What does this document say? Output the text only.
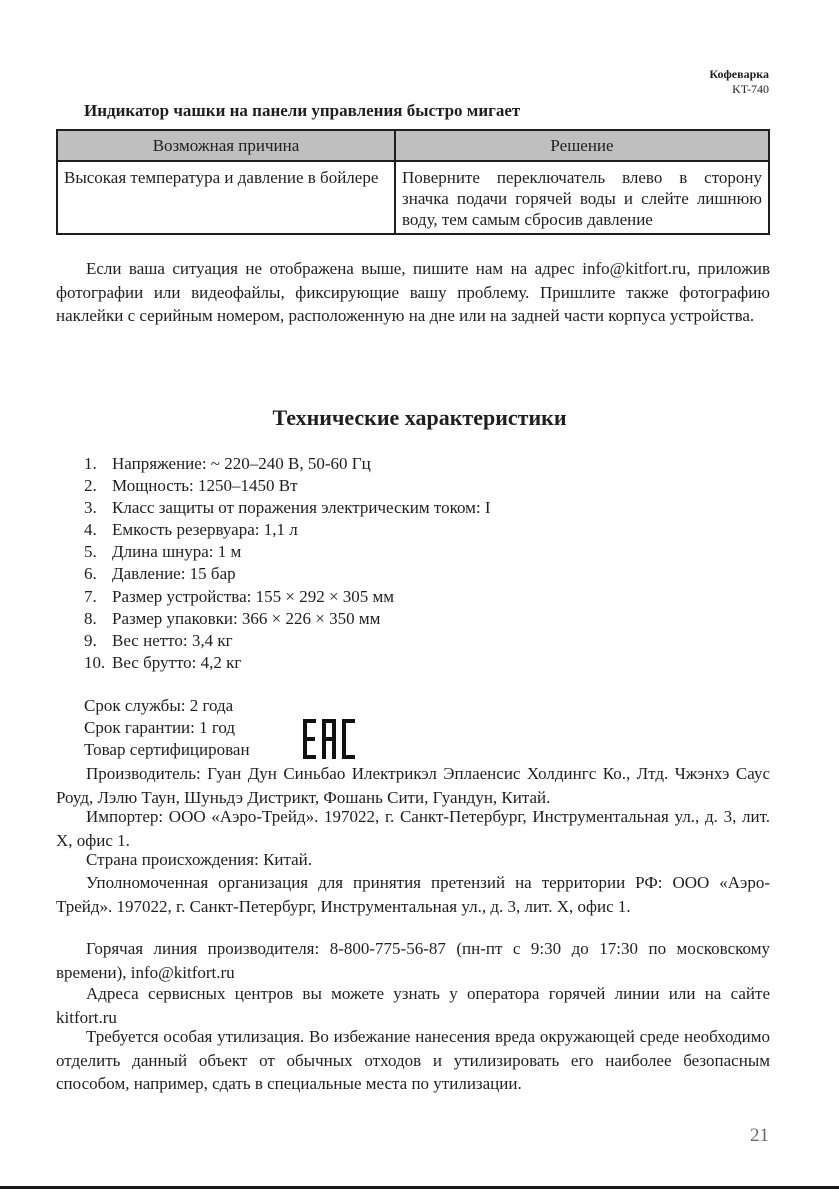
Кофеварка
KT-740
Индикатор чашки на панели управления быстро мигает
Возможная причина	Решение
Высокая температура и давление в бойлере	Поверните переключатель влево в сторону значка подачи горячей воды и слейте лишнюю воду, тем самым сбросив давление

Если ваша ситуация не отображена выше, пишите нам на адрес info@kitfort.ru, приложив фотографии или видеофайлы, фиксирующие вашу проблему. Пришлите также фотографию наклейки с серийным номером, расположенную на дне или на задней части корпуса устройства.

Технические характеристики
1. Напряжение: ~ 220–240 В, 50-60 Гц
2. Мощность: 1250–1450 Вт
3. Класс защиты от поражения электрическим током: I
4. Емкость резервуара: 1,1 л
5. Длина шнура: 1 м
6. Давление: 15 бар
7. Размер устройства: 155 × 292 × 305 мм
8. Размер упаковки: 366 × 226 × 350 мм
9. Вес нетто: 3,4 кг
10. Вес брутто: 4,2 кг

Срок службы: 2 года

Срок гарантии: 1 год

Товар сертифицирован

Производитель: Гуан Дун Синьбао Илектрикэл Эплаенсис Холдингс Ко., Лтд. Чжэнхэ Саус Роуд, Лэлю Таун, Шуньдэ Дистрикт, Фошань Сити, Гуандун, Китай.

Импортер: ООО «Аэро-Трейд». 197022, г. Санкт-Петербург, Инструментальная ул., д. 3, лит. Х, офис 1.

Страна происхождения: Китай.

Уполномоченная организация для принятия претензий на территории РФ: ООО «Аэро-Трейд». 197022, г. Санкт-Петербург, Инструментальная ул., д. 3, лит. Х, офис 1.

Горячая линия производителя: 8-800-775-56-87 (пн-пт с 9:30 до 17:30 по московскому времени), info@kitfort.ru

Адреса сервисных центров вы можете узнать у оператора горячей линии или на сайте kitfort.ru

Требуется особая утилизация. Во избежание нанесения вреда окружающей среде необходимо отделить данный объект от обычных отходов и утилизировать его наиболее безопасным способом, например, сдать в специальные места по утилизации.

21
